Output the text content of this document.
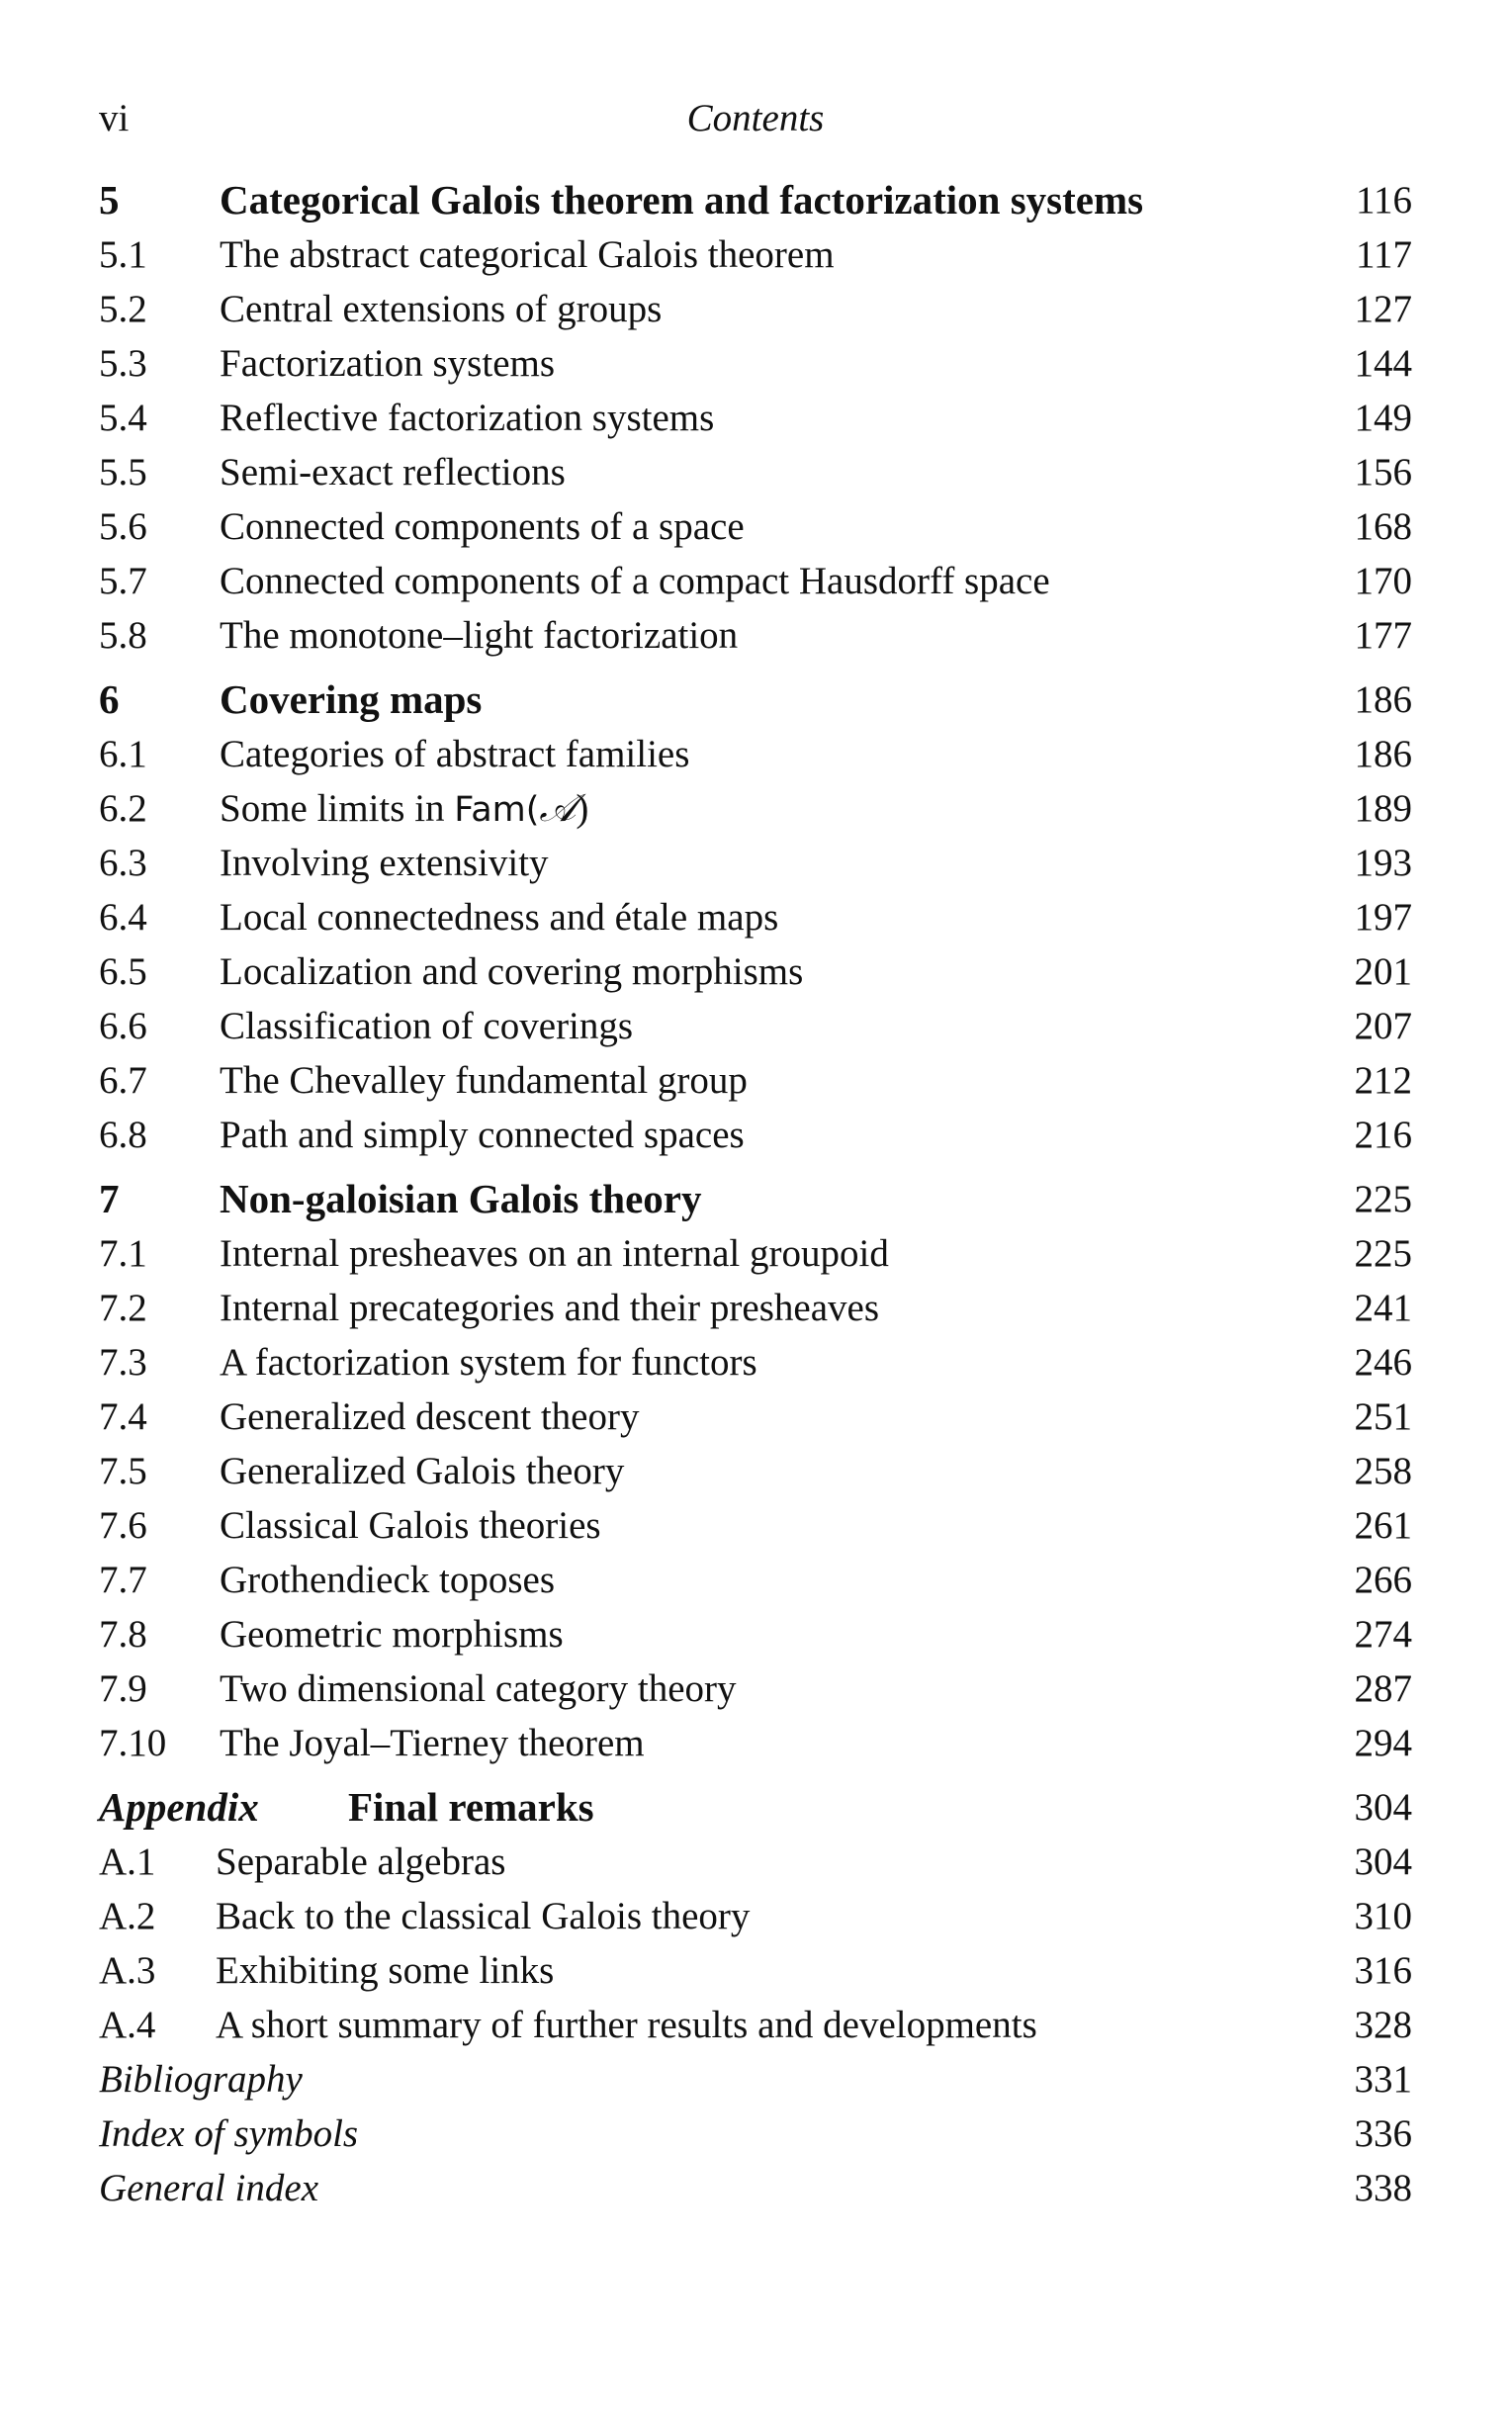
vi	Contents
5 Categorical Galois theorem and factorization systems	116
5.1 The abstract categorical Galois theorem	117
5.2 Central extensions of groups	127
5.3 Factorization systems	144
5.4 Reflective factorization systems	149
5.5 Semi-exact reflections	156
5.6 Connected components of a space	168
5.7 Connected components of a compact Hausdorff space	170
5.8 The monotone–light factorization	177
6 Covering maps	186
6.1 Categories of abstract families	186
6.2 Some limits in Fam(𝒜)	189
6.3 Involving extensivity	193
6.4 Local connectedness and étale maps	197
6.5 Localization and covering morphisms	201
6.6 Classification of coverings	207
6.7 The Chevalley fundamental group	212
6.8 Path and simply connected spaces	216
7 Non-galoisian Galois theory	225
7.1 Internal presheaves on an internal groupoid	225
7.2 Internal precategories and their presheaves	241
7.3 A factorization system for functors	246
7.4 Generalized descent theory	251
7.5 Generalized Galois theory	258
7.6 Classical Galois theories	261
7.7 Grothendieck toposes	266
7.8 Geometric morphisms	274
7.9 Two dimensional category theory	287
7.10 The Joyal–Tierney theorem	294
Appendix Final remarks	304
A.1 Separable algebras	304
A.2 Back to the classical Galois theory	310
A.3 Exhibiting some links	316
A.4 A short summary of further results and developments	328
Bibliography	331
Index of symbols	336
General index	338
